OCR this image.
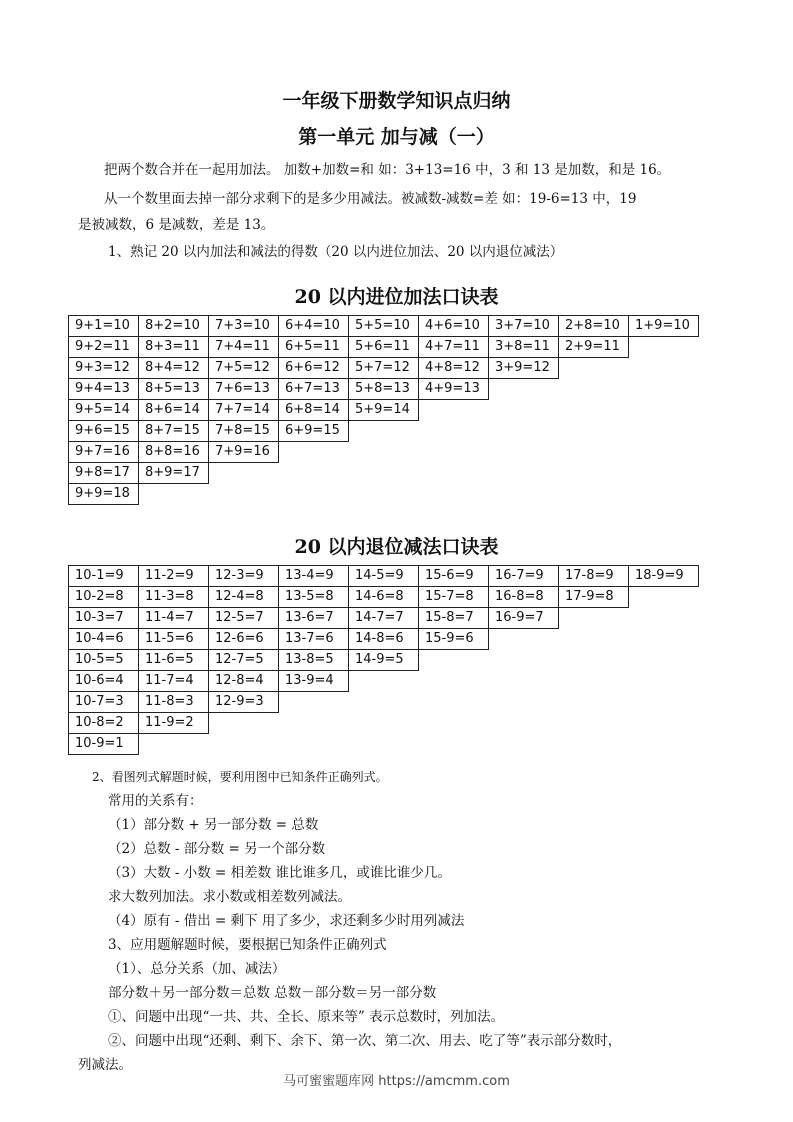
一年级下册数学知识点归纳
第一单元 加与减（一）
把两个数合并在一起用加法。 加数+加数=和 如：3+13=16 中，3 和 13 是加数，和是 16。
从一个数里面去掉一部分求剩下的是多少用减法。被减数-减数=差 如：19-6=13 中，19
是被减数，6 是减数，差是 13。
1、熟记 20 以内加法和减法的得数（20 以内进位加法、20 以内退位减法）
20 以内进位加法口诀表
9+1=10	8+2=10	7+3=10	6+4=10	5+5=10	4+6=10	3+7=10	2+8=10	1+9=10
9+2=11	8+3=11	7+4=11	6+5=11	5+6=11	4+7=11	3+8=11	2+9=11	
9+3=12	8+4=12	7+5=12	6+6=12	5+7=12	4+8=12	3+9=12		
9+4=13	8+5=13	7+6=13	6+7=13	5+8=13	4+9=13			
9+5=14	8+6=14	7+7=14	6+8=14	5+9=14				
9+6=15	8+7=15	7+8=15	6+9=15					
9+7=16	8+8=16	7+9=16						
9+8=17	8+9=17							
9+9=18								
20 以内退位减法口诀表
10-1=9	11-2=9	12-3=9	13-4=9	14-5=9	15-6=9	16-7=9	17-8=9	18-9=9
10-2=8	11-3=8	12-4=8	13-5=8	14-6=8	15-7=8	16-8=8	17-9=8	
10-3=7	11-4=7	12-5=7	13-6=7	14-7=7	15-8=7	16-9=7		
10-4=6	11-5=6	12-6=6	13-7=6	14-8=6	15-9=6			
10-5=5	11-6=5	12-7=5	13-8=5	14-9=5				
10-6=4	11-7=4	12-8=4	13-9=4					
10-7=3	11-8=3	12-9=3						
10-8=2	11-9=2							
10-9=1								
2、看图列式解题时候，要利用图中已知条件正确列式。
常用的关系有：
（1）部分数 + 另一部分数 = 总数
（2）总数 - 部分数 = 另一个部分数
（3）大数 - 小数 = 相差数 谁比谁多几，或谁比谁少几。
求大数列加法。求小数或相差数列减法。
（4）原有 - 借出 = 剩下 用了多少，求还剩多少时用列减法
3、应用题解题时候，要根据已知条件正确列式
（1）、总分关系（加、减法）
部分数＋另一部分数＝总数 总数－部分数＝另一部分数
①、问题中出现“一共、共、全长、原来等” 表示总数时，列加法。
②、问题中出现“还剩、剩下、余下、第一次、第二次、用去、吃了等”表示部分数时，
列减法。
马可蜜蜜题库网 https://amcmm.com
